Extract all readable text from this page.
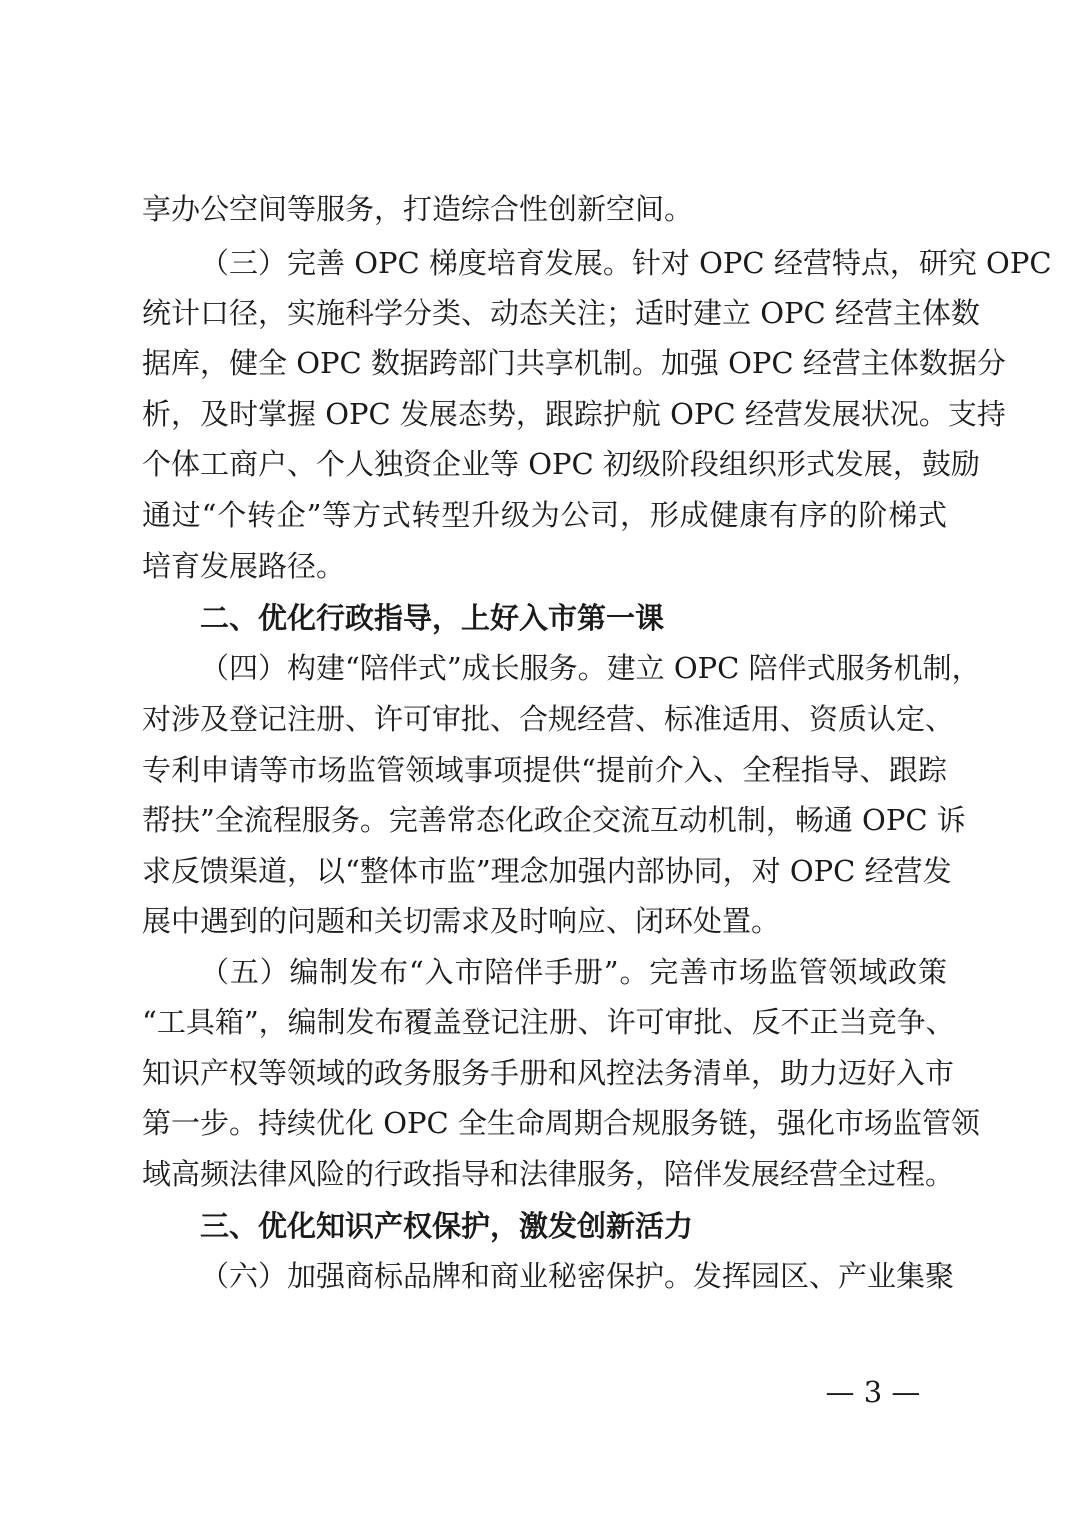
享办公空间等服务，打造综合性创新空间。
（三）完善 OPC 梯度培育发展。针对 OPC 经营特点，研究 OPC
统计口径，实施科学分类、动态关注；适时建立 OPC 经营主体数
据库，健全 OPC 数据跨部门共享机制。加强 OPC 经营主体数据分
析，及时掌握 OPC 发展态势，跟踪护航 OPC 经营发展状况。支持
个体工商户、个人独资企业等 OPC 初级阶段组织形式发展，鼓励
通过“个转企”等方式转型升级为公司，形成健康有序的阶梯式
培育发展路径。
二、优化行政指导，上好入市第一课
（四）构建“陪伴式”成长服务。建立 OPC 陪伴式服务机制，
对涉及登记注册、许可审批、合规经营、标准适用、资质认定、
专利申请等市场监管领域事项提供“提前介入、全程指导、跟踪
帮扶”全流程服务。完善常态化政企交流互动机制，畅通 OPC 诉
求反馈渠道，以“整体市监”理念加强内部协同，对 OPC 经营发
展中遇到的问题和关切需求及时响应、闭环处置。
（五）编制发布“入市陪伴手册”。完善市场监管领域政策
“工具箱”，编制发布覆盖登记注册、许可审批、反不正当竞争、
知识产权等领域的政务服务手册和风控法务清单，助力迈好入市
第一步。持续优化 OPC 全生命周期合规服务链，强化市场监管领
域高频法律风险的行政指导和法律服务，陪伴发展经营全过程。
三、优化知识产权保护，激发创新活力
（六）加强商标品牌和商业秘密保护。发挥园区、产业集聚
— 3 —
